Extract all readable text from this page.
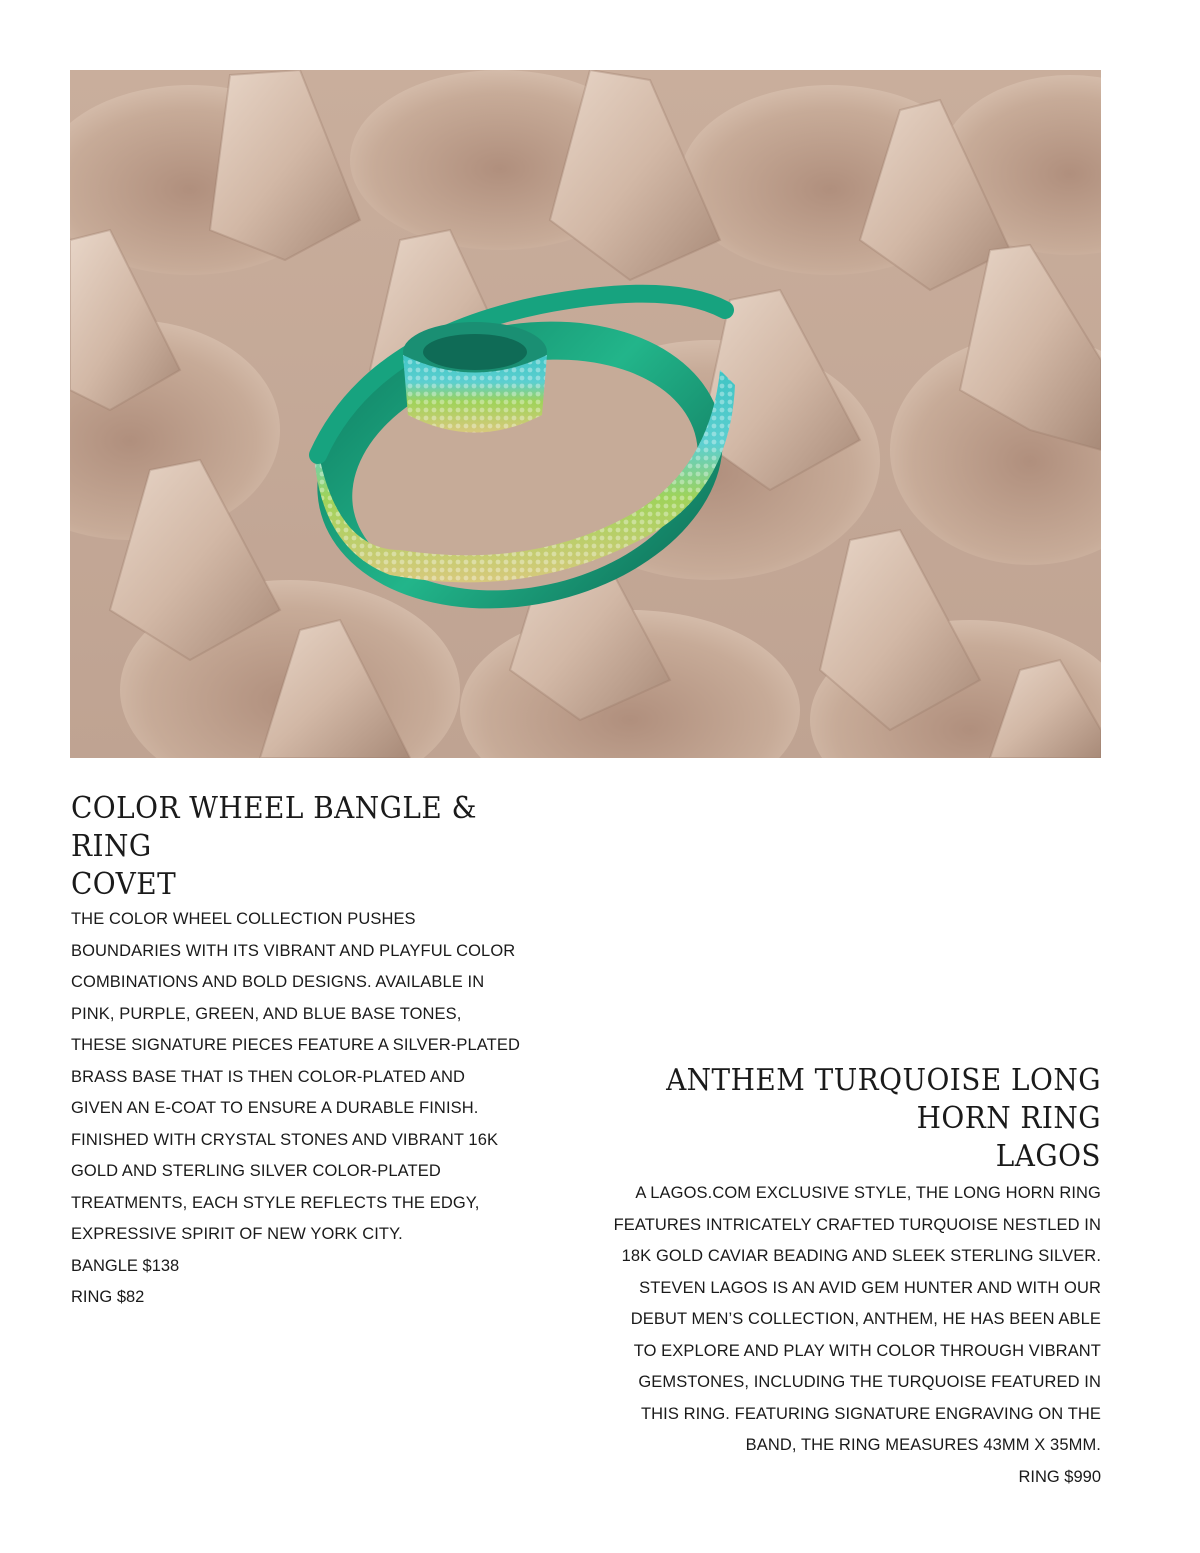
COLOR WHEEL BANGLE & RING
COVET

THE COLOR WHEEL COLLECTION PUSHES BOUNDARIES WITH ITS VIBRANT AND PLAYFUL COLOR COMBINATIONS AND BOLD DESIGNS. AVAILABLE IN PINK, PURPLE, GREEN, AND BLUE BASE TONES, THESE SIGNATURE PIECES FEATURE A SILVER-PLATED BRASS BASE THAT IS THEN COLOR-PLATED AND GIVEN AN E-COAT TO ENSURE A DURABLE FINISH. FINISHED WITH CRYSTAL STONES AND VIBRANT 16K GOLD AND STERLING SILVER COLOR-PLATED TREATMENTS, EACH STYLE REFLECTS THE EDGY, EXPRESSIVE SPIRIT OF NEW YORK CITY.

BANGLE $138
RING $82
ANTHEM TURQUOISE LONG HORN RING
LAGOS

A LAGOS.COM EXCLUSIVE STYLE, THE LONG HORN RING FEATURES INTRICATELY CRAFTED TURQUOISE NESTLED IN 18K GOLD CAVIAR BEADING AND SLEEK STERLING SILVER. STEVEN LAGOS IS AN AVID GEM HUNTER AND WITH OUR DEBUT MEN’S COLLECTION, ANTHEM, HE HAS BEEN ABLE TO EXPLORE AND PLAY WITH COLOR THROUGH VIBRANT GEMSTONES, INCLUDING THE TURQUOISE FEATURED IN THIS RING. FEATURING SIGNATURE ENGRAVING ON THE BAND, THE RING MEASURES 43MM X 35MM.

RING $990
